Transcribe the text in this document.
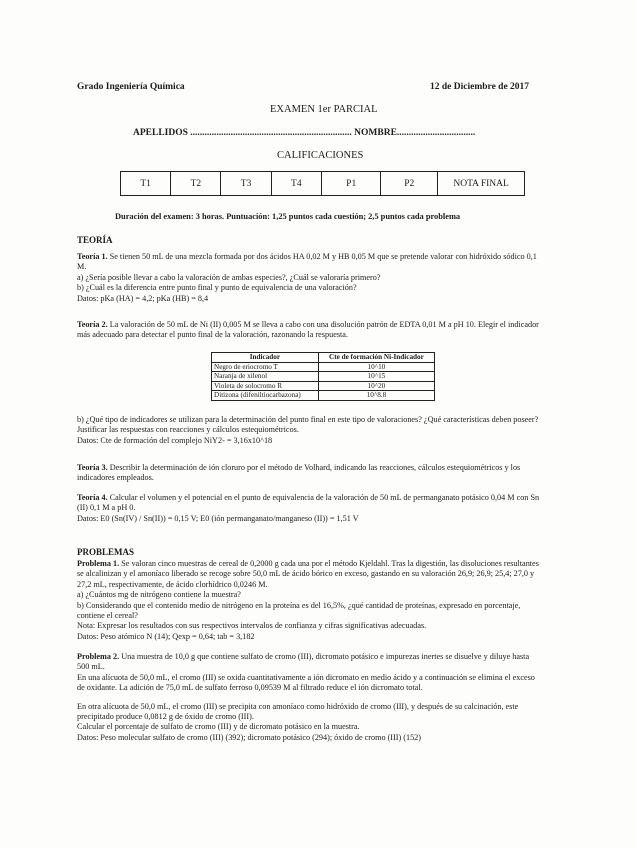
Grado Ingeniería Química	12 de Diciembre de 2017
EXAMEN 1er PARCIAL
APELLIDOS .................................................................... NOMBRE.................................
CALIFICACIONES
T1	T2	T3	T4	P1	P2	NOTA FINAL
Duración del examen: 3 horas. Puntuación: 1,25 puntos cada cuestión; 2,5 puntos cada problema
TEORÍA

Teoría 1. Se tienen 50 mL de una mezcla formada por dos ácidos HA 0,02 M y HB 0,05 M que se pretende valorar con hidróxido sódico 0,1 M.

a) ¿Sería posible llevar a cabo la valoración de ambas especies?, ¿Cuál se valoraría primero?

b) ¿Cuál es la diferencia entre punto final y punto de equivalencia de una valoración?

Datos: pKa (HA) = 4,2; pKa (HB) = 8,4

Teoría 2. La valoración de 50 mL de Ni (II) 0,005 M se lleva a cabo con una disolución patrón de EDTA 0,01 M a pH 10. Elegir el indicador más adecuado para detectar el punto final de la valoración, razonando la respuesta.

Indicador	Cte de formación Ni-Indicador
Negro de eriocromo T	10^10
Naranja de xilenol	10^15
Violeta de solocromo R	10^20
Ditizona (difeniltiocarbazona)	10^8.8

b) ¿Qué tipo de indicadores se utilizan para la determinación del punto final en este tipo de valoraciones? ¿Qué características deben poseer? Justificar las respuestas con reacciones y cálculos estequiométricos.

Datos: Cte de formación del complejo NiY2- = 3,16x10^18

Teoría 3. Describir la determinación de ión cloruro por el método de Volhard, indicando las reacciones, cálculos estequiométricos y los indicadores empleados.

Teoría 4. Calcular el volumen y el potencial en el punto de equivalencia de la valoración de 50 mL de permanganato potásico 0,04 M con Sn (II) 0,1 M a pH 0.

Datos: E0 (Sn(IV) / Sn(II)) = 0,15 V; E0 (ión permanganato/manganeso (II)) = 1,51 V

PROBLEMAS

Problema 1. Se valoran cinco muestras de cereal de 0,2000 g cada una por el método Kjeldahl. Tras la digestión, las disoluciones resultantes se alcalinizan y el amoníaco liberado se recoge sobre 50,0 mL de ácido bórico en exceso, gastando en su valoración 26,9; 26,9; 25,4; 27,0 y 27,2 mL, respectivamente, de ácido clorhídrico 0,0246 M.

a) ¿Cuántos mg de nitrógeno contiene la muestra?

b) Considerando que el contenido medio de nitrógeno en la proteína es del 16,5%, ¿qué cantidad de proteínas, expresado en porcentaje, contiene el cereal?

Nota: Expresar los resultados con sus respectivos intervalos de confianza y cifras significativas adecuadas.

Datos: Peso atómico N (14); Qexp = 0,64; tab = 3,182

Problema 2. Una muestra de 10,0 g que contiene sulfato de cromo (III), dicromato potásico e impurezas inertes se disuelve y diluye hasta 500 mL.

En una alícuota de 50,0 mL, el cromo (III) se oxida cuantitativamente a ión dicromato en medio ácido y a continuación se elimina el exceso de oxidante. La adición de 75,0 mL de sulfato ferroso 0,09539 M al filtrado reduce el ión dicromato total.

En otra alícuota de 50,0 mL, el cromo (III) se precipita con amoníaco como hidróxido de cromo (III), y después de su calcinación, este precipitado produce 0,0812 g de óxido de cromo (III).

Calcular el porcentaje de sulfato de cromo (III) y de dicromato potásico en la muestra.

Datos: Peso molecular sulfato de cromo (III) (392); dicromato potásico (294); óxido de cromo (III) (152)
